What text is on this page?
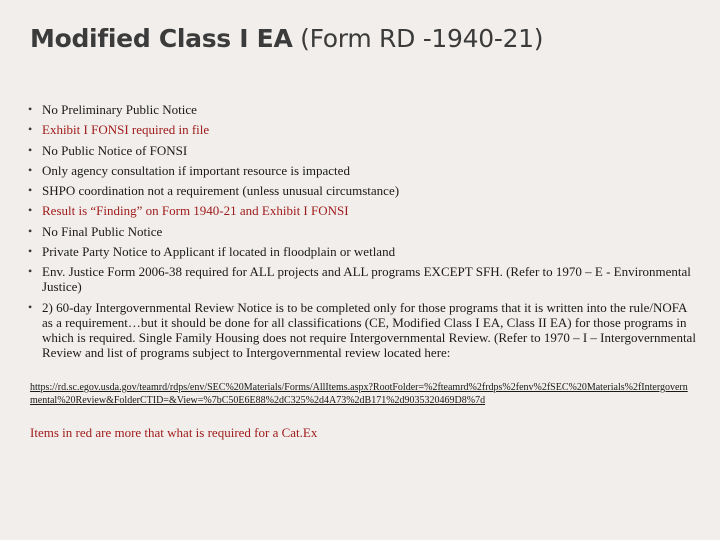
Modified Class I EA (Form RD -1940-21)
• No Preliminary Public Notice
• Exhibit I FONSI required in file
• No Public Notice of FONSI
• Only agency consultation if important resource is impacted
• SHPO coordination not a requirement (unless unusual circumstance)
• Result is “Finding” on Form 1940-21 and Exhibit I FONSI
• No Final Public Notice
• Private Party Notice to Applicant if located in floodplain or wetland
• Env. Justice Form 2006-38 required for ALL projects and ALL programs EXCEPT SFH. (Refer to 1970 – E - Environmental Justice)
• 2) 60-day Intergovernmental Review Notice is to be completed only for those programs that it is written into the rule/NOFA as a requirement…but it should be done for all classifications (CE, Modified Class I EA, Class II EA) for those programs in which is required. Single Family Housing does not require Intergovernmental Review. (Refer to 1970 – I – Intergovernmental Review and list of programs subject to Intergovernmental review located here:
https://rd.sc.egov.usda.gov/teamrd/rdps/env/SEC%20Materials/Forms/AllItems.aspx?RootFolder=%2fteamrd%2frdps%2fenv%2fSEC%20Materials%2fIntergovernmental%20Review&FolderCTID=&View=%7bC50E6E88%2dC325%2d4A73%2dB171%2d9035320469D8%7d
Items in red are more that what is required for a Cat.Ex
